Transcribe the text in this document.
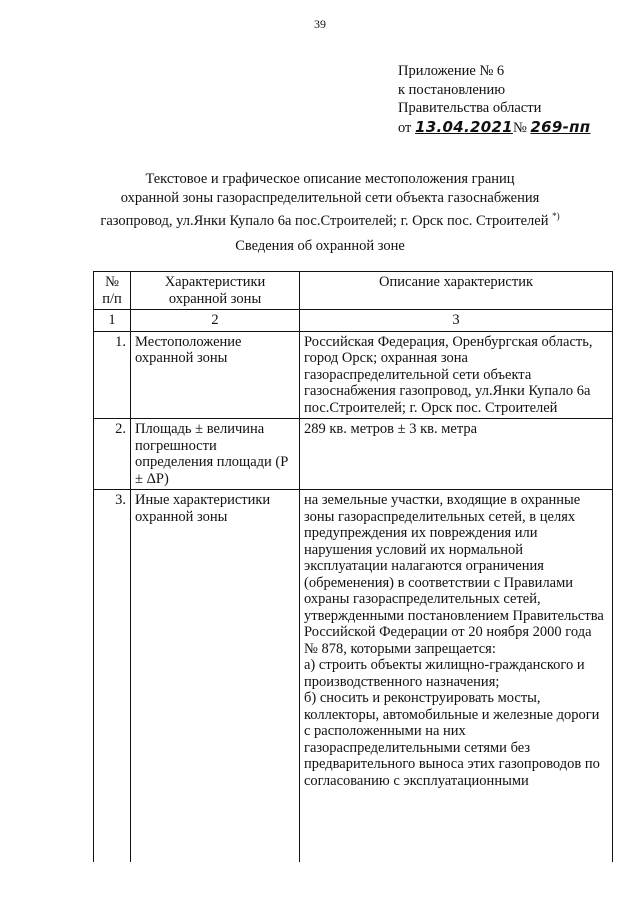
39
Приложение № 6
к постановлению
Правительства области
от 13.04.2021№ 269-пп
Текстовое и графическое описание местоположения границ
охранной зоны газораспределительной сети объекта газоснабжения
газопровод, ул.Янки Купало 6а пос.Строителей; г. Орск пос. Строителей *)
Сведения об охранной зоне
№ п/п	Характеристики охранной зоны	Описание характеристик
1	2	3
1.	Местоположение охранной зоны	Российская Федерация, Оренбургская область, город Орск; охранная зона газораспределительной сети объекта газоснабжения газопровод, ул.Янки Купало 6а пос.Строителей; г. Орск пос. Строителей
2.	Площадь ± величина погрешности определения площади (P ± ΔP)	289 кв. метров ± 3 кв. метра
3.	Иные характеристики охранной зоны	на земельные участки, входящие в охранные зоны газораспределительных сетей, в целях предупреждения их повреждения или нарушения условий их нормальной эксплуатации налагаются ограничения (обременения) в соответствии с Правилами охраны газораспределительных сетей, утвержденными постановлением Правительства Российской Федерации от 20 ноября 2000 года № 878, которыми запрещается:
а) строить объекты жилищно-гражданского и производственного назначения;
б) сносить и реконструировать мосты, коллекторы, автомобильные и железные дороги с расположенными на них газораспределительными сетями без предварительного выноса этих газопроводов по согласованию с эксплуатационными
